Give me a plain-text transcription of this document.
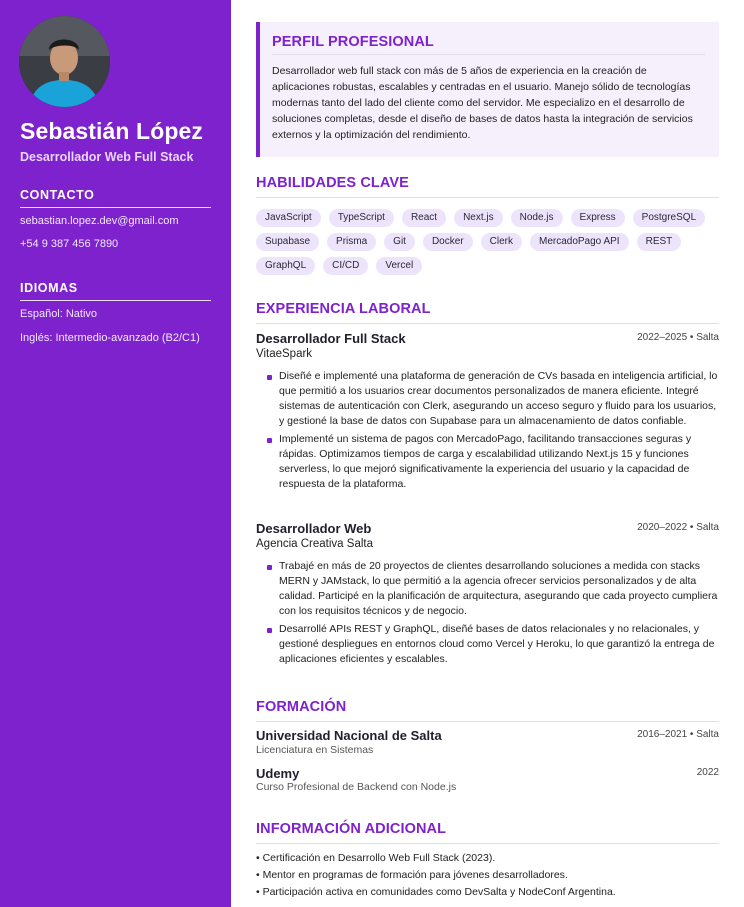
Sebastián López
Desarrollador Web Full Stack
CONTACTO
sebastian.lopez.dev@gmail.com
+54 9 387 456 7890
IDIOMAS
Español: Nativo
Inglés: Intermedio-avanzado (B2/C1)
PERFIL PROFESIONAL

Desarrollador web full stack con más de 5 años de experiencia en la creación de aplicaciones robustas, escalables y centradas en el usuario. Manejo sólido de tecnologías modernas tanto del lado del cliente como del servidor. Me especializo en el desarrollo de soluciones completas, desde el diseño de bases de datos hasta la integración de servicios externos y la optimización del rendimiento.

HABILIDADES CLAVE
JavaScript	TypeScript	React	Next.js	Node.js	Express	PostgreSQL
Supabase	Prisma	Git	Docker	Clerk	MercadoPago API	REST
GraphQL	CI/CD	Vercel
EXPERIENCIA LABORAL
Desarrollador Full Stack	2022–2025 • Salta
VitaeSpark
Diseñé e implementé una plataforma de generación de CVs basada en inteligencia artificial, lo que permitió a los usuarios crear documentos personalizados de manera eficiente. Integré sistemas de autenticación con Clerk, asegurando un acceso seguro y fluido para los usuarios, y gestioné la base de datos con Supabase para un almacenamiento de datos confiable.
Implementé un sistema de pagos con MercadoPago, facilitando transacciones seguras y rápidas. Optimizamos tiempos de carga y escalabilidad utilizando Next.js 15 y funciones serverless, lo que mejoró significativamente la experiencia del usuario y la capacidad de respuesta de la plataforma.
Desarrollador Web	2020–2022 • Salta
Agencia Creativa Salta
Trabajé en más de 20 proyectos de clientes desarrollando soluciones a medida con stacks MERN y JAMstack, lo que permitió a la agencia ofrecer servicios personalizados y de alta calidad. Participé en la planificación de arquitectura, asegurando que cada proyecto cumpliera con los requisitos técnicos y de negocio.
Desarrollé APIs REST y GraphQL, diseñé bases de datos relacionales y no relacionales, y gestioné despliegues en entornos cloud como Vercel y Heroku, lo que garantizó la entrega de aplicaciones eficientes y escalables.
FORMACIÓN
Universidad Nacional de Salta	2016–2021 • Salta
Licenciatura en Sistemas
Udemy	2022
Curso Profesional de Backend con Node.js
INFORMACIÓN ADICIONAL
• Certificación en Desarrollo Web Full Stack (2023).
• Mentor en programas de formación para jóvenes desarrolladores.
• Participación activa en comunidades como DevSalta y NodeConf Argentina.
